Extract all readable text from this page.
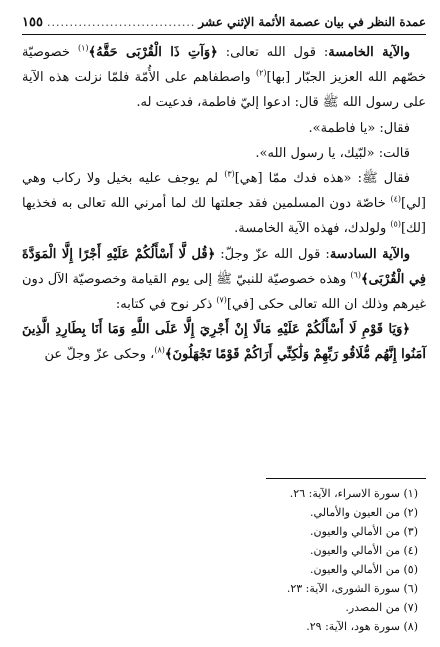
عمدة النظر في بيان عصمة الأئمة الإثني عشر
.....
١٥٥

والآية الخامسة: قول الله تعالى: ﴿وَآتِ ذَا الْقُرْبَى حَقَّهُ﴾$^{(١)}$ خصوصيّة خصّهم الله العزيز الجبّار [بها]$^{(٢)}$ واصطفاهم على الأُمّة فلمّا نزلت هذه الآية على رسول الله ﷺ قال: ادعوا إليّ فاطمة، فدعيت له.

فقال: «يا فاطمة».

قالت: «لبّيك، يا رسول الله».

فقال ﷺ: «هذه فدك ممّا [هي]$^{(٣)}$ لم يوجف عليه بخيل ولا ركاب وهي [لي]$^{(٤)}$ خاصّة دون المسلمين فقد جعلتها لك لما أمرني الله تعالى به فخذيها [لك]$^{(٥)}$ ولولدك، فهذه الآية الخامسة.

والآية السادسة: قول الله عزّ وجلّ: ﴿قُل لَّا أَسْأَلُكُمْ عَلَيْهِ أَجْرًا إِلَّا الْمَوَدَّةَ فِي الْقُرْبَى﴾$^{(٦)}$ وهذه خصوصيّة للنبيّ ﷺ إلى يوم القيامة وخصوصيّة الآل دون غيرهم وذلك ان الله تعالى حكى [في]$^{(٧)}$ ذكر نوح في كتابه:

﴿وَيَا قَوْمِ لَا أَسْأَلُكُمْ عَلَيْهِ مَالًا إِنْ أَجْرِيَ إِلَّا عَلَى اللَّهِ وَمَا أَنَا بِطَارِدِ الَّذِينَ آمَنُوا إِنَّهُم مُّلَاقُو رَبِّهِمْ وَلَٰكِنِّي أَرَاكُمْ قَوْمًا تَجْهَلُونَ﴾$^{(٨)}$، وحكى عزّ وجلّ عن

(١) سورة الاسراء، الآية: ٢٦.
(٢) من العيون والأمالي.
(٣) من الأمالي والعيون.
(٤) من الأمالي والعيون.
(٥) من الأمالي والعيون.
(٦) سورة الشورى، الآية: ٢٣.
(٧) من المصدر.
(٨) سورة هود، الآية: ٢٩.
